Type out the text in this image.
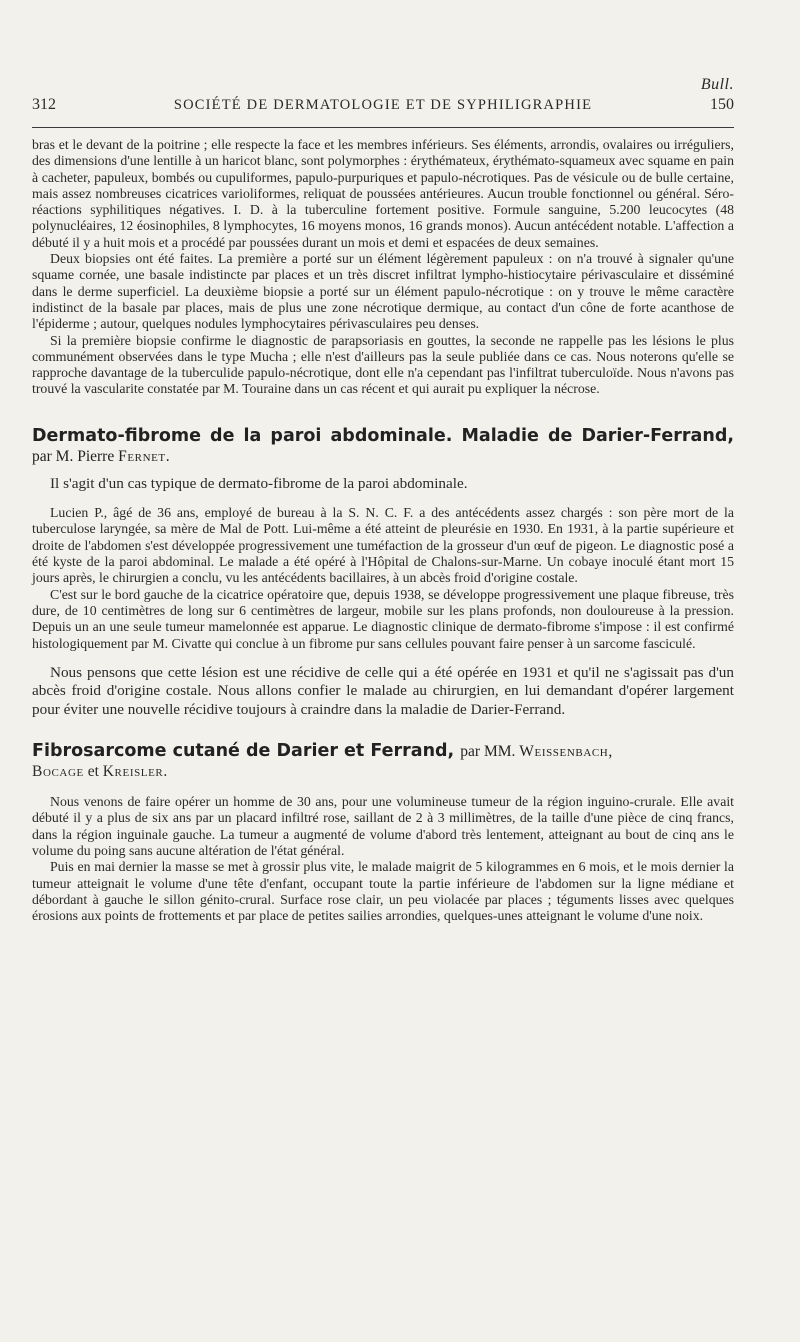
Bull.
312	SOCIÉTÉ DE DERMATOLOGIE ET DE SYPHILIGRAPHIE	150

bras et le devant de la poitrine ; elle respecte la face et les membres inférieurs. Ses éléments, arrondis, ovalaires ou irréguliers, des dimensions d'une lentille à un haricot blanc, sont polymorphes : érythémateux, érythémato-squameux avec squame en pain à cacheter, papuleux, bombés ou cupuliformes, papulo-purpuriques et papulo-nécrotiques. Pas de vésicule ou de bulle certaine, mais assez nombreuses cicatrices varioliformes, reliquat de poussées antérieures. Aucun trouble fonctionnel ou général. Séro-réactions syphilitiques négatives. I. D. à la tuberculine fortement positive. Formule sanguine, 5.200 leucocytes (48 polynucléaires, 12 éosinophiles, 8 lymphocytes, 16 moyens monos, 16 grands monos). Aucun antécédent notable. L'affection a débuté il y a huit mois et a procédé par poussées durant un mois et demi et espacées de deux semaines.

Deux biopsies ont été faites. La première a porté sur un élément légèrement papuleux : on n'a trouvé à signaler qu'une squame cornée, une basale indistincte par places et un très discret infiltrat lympho-histiocytaire périvasculaire et disséminé dans le derme superficiel. La deuxième biopsie a porté sur un élément papulo-nécrotique : on y trouve le même caractère indistinct de la basale par places, mais de plus une zone nécrotique dermique, au contact d'un cône de forte acanthose de l'épiderme ; autour, quelques nodules lymphocytaires périvasculaires peu denses.

Si la première biopsie confirme le diagnostic de parapsoriasis en gouttes, la seconde ne rappelle pas les lésions le plus communément observées dans le type Mucha ; elle n'est d'ailleurs pas la seule publiée dans ce cas. Nous noterons qu'elle se rapproche davantage de la tuberculide papulo-nécrotique, dont elle n'a cependant pas l'infiltrat tuberculoïde. Nous n'avons pas trouvé la vascularite constatée par M. Touraine dans un cas récent et qui aurait pu expliquer la nécrose.

Dermato-fibrome de la paroi abdominale. Maladie de Darier-Ferrand, par M. Pierre Fernet.

Il s'agit d'un cas typique de dermato-fibrome de la paroi abdominale.

Lucien P., âgé de 36 ans, employé de bureau à la S. N. C. F. a des antécédents assez chargés : son père mort de la tuberculose laryngée, sa mère de Mal de Pott. Lui-même a été atteint de pleurésie en 1930. En 1931, à la partie supérieure et droite de l'abdomen s'est développée progressivement une tuméfaction de la grosseur d'un œuf de pigeon. Le diagnostic posé a été kyste de la paroi abdominal. Le malade a été opéré à l'Hôpital de Chalons-sur-Marne. Un cobaye inoculé étant mort 15 jours après, le chirurgien a conclu, vu les antécédents bacillaires, à un abcès froid d'origine costale.

C'est sur le bord gauche de la cicatrice opératoire que, depuis 1938, se développe progressivement une plaque fibreuse, très dure, de 10 centimètres de long sur 6 centimètres de largeur, mobile sur les plans profonds, non douloureuse à la pression. Depuis un an une seule tumeur mamelonnée est apparue. Le diagnostic clinique de dermato-fibrome s'impose : il est confirmé histologiquement par M. Civatte qui conclue à un fibrome pur sans cellules pouvant faire penser à un sarcome fasciculé.

Nous pensons que cette lésion est une récidive de celle qui a été opérée en 1931 et qu'il ne s'agissait pas d'un abcès froid d'origine costale. Nous allons confier le malade au chirurgien, en lui demandant d'opérer largement pour éviter une nouvelle récidive toujours à craindre dans la maladie de Darier-Ferrand.

Fibrosarcome cutané de Darier et Ferrand, par MM. Weissenbach,

Bocage et Kreisler.

Nous venons de faire opérer un homme de 30 ans, pour une volumineuse tumeur de la région inguino-crurale. Elle avait débuté il y a plus de six ans par un placard infiltré rose, saillant de 2 à 3 millimètres, de la taille d'une pièce de cinq francs, dans la région inguinale gauche. La tumeur a augmenté de volume d'abord très lentement, atteignant au bout de cinq ans le volume du poing sans aucune altération de l'état général.

Puis en mai dernier la masse se met à grossir plus vite, le malade maigrit de 5 kilogrammes en 6 mois, et le mois dernier la tumeur atteignait le volume d'une tête d'enfant, occupant toute la partie inférieure de l'abdomen sur la ligne médiane et débordant à gauche le sillon génito-crural. Surface rose clair, un peu violacée par places ; téguments lisses avec quelques érosions aux points de frottements et par place de petites sailies arrondies, quelques-unes atteignant le volume d'une noix.
